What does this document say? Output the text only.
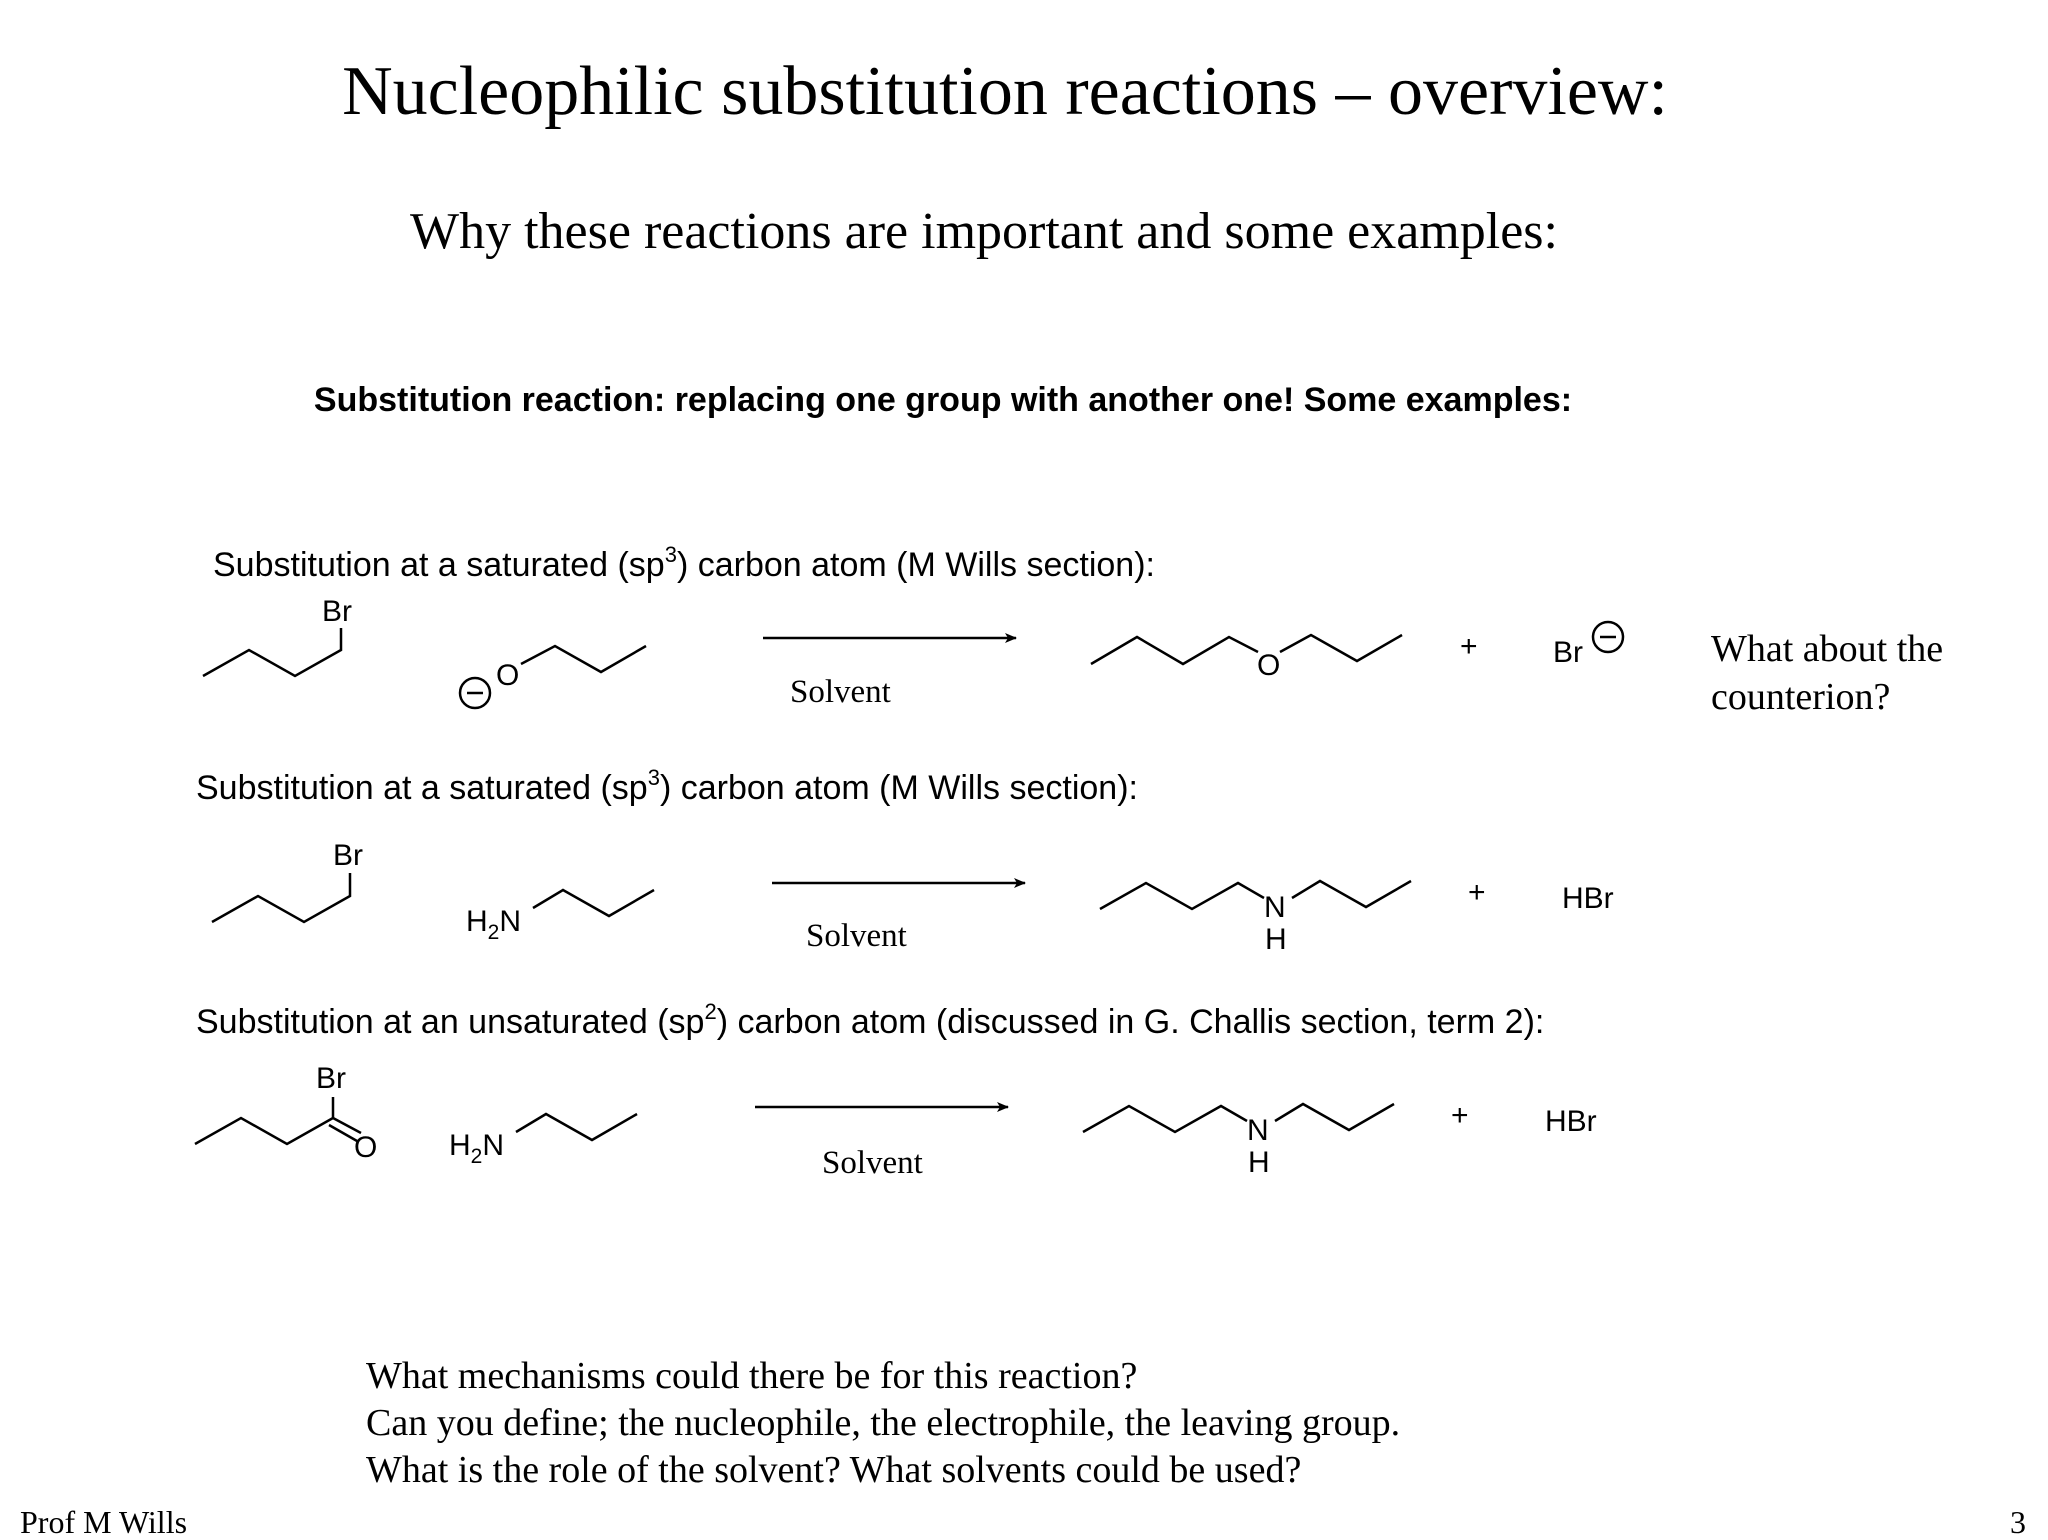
Nucleophilic substitution reactions – overview:
Why these reactions are important and some examples:
Substitution reaction: replacing one group with another one! Some examples:
Substitution at a saturated $(sp^3)$ carbon atom (M Wills section):
Substitution at a saturated $(sp^3)$ carbon atom (M Wills section):
Substitution at an unsaturated $(sp^2)$ carbon atom (discussed in G. Challis section, term 2):
Br
O	Solvent
O
+	Br
Br
$H_2N$	Solvent
N
H
+	HBr
Br
O $H_2N$	Solvent
N
H
+	HBr
What about the
counterion?
What mechanisms could there be for this reaction?
Can you define; the nucleophile, the electrophile, the leaving group.
What is the role of the solvent? What solvents could be used?
Prof M Wills	3
